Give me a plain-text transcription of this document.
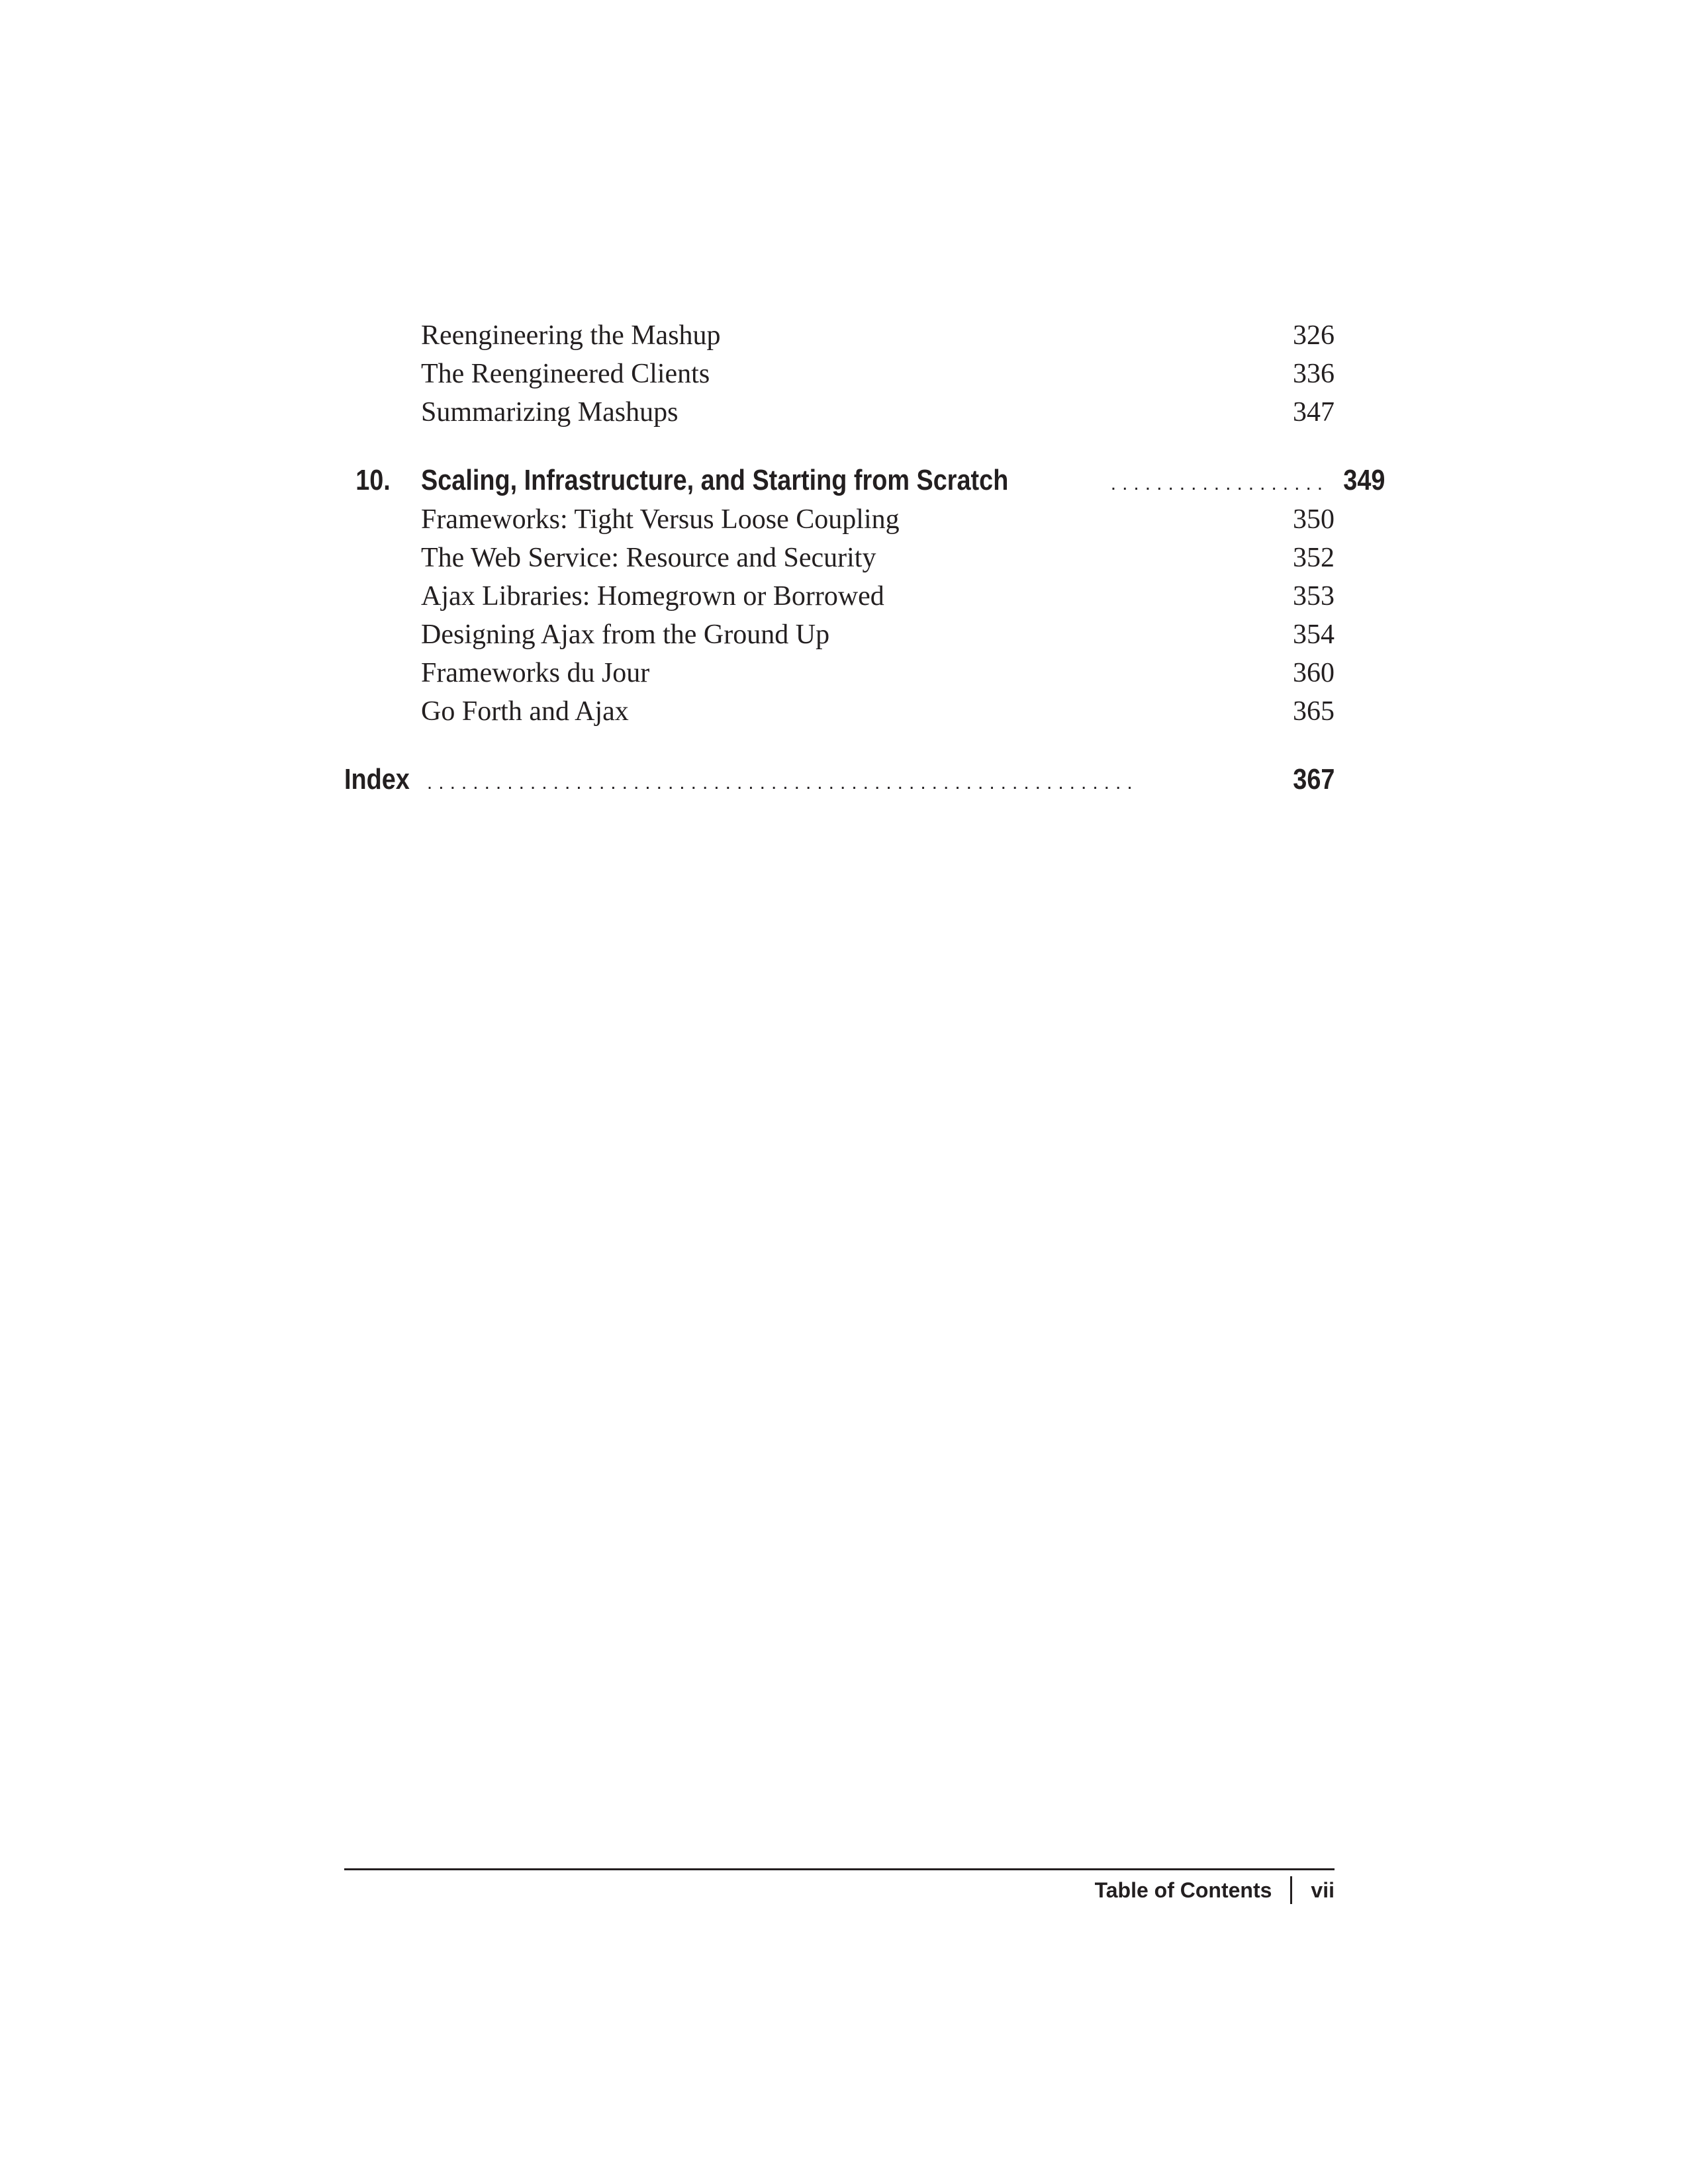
Reengineering the Mashup	326
The Reengineered Clients	336
Summarizing Mashups	347
10.	Scaling, Infrastructure, and Starting from Scratch	................... 349
Frameworks: Tight Versus Loose Coupling	350
The Web Service: Resource and Security	352
Ajax Libraries: Homegrown or Borrowed	353
Designing Ajax from the Ground Up	354
Frameworks du Jour	360
Go Forth and Ajax	365
Index ..............................................................	367
Table of Contents vii
